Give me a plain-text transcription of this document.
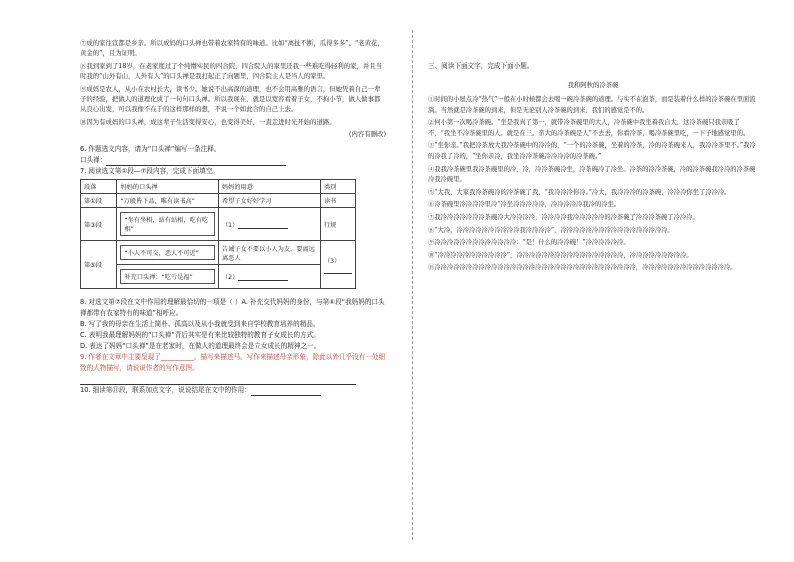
⑦成的家往宣都是乡亲。所以成妈的口头禅也带着农家特有的味道。比如“离扯不断，瓜得多多”、“老黄花，黄金的”，且为证明。

⑧我到家到了18岁，在老家度过了个纯懵实民的四合院，四合院人的家里还我一些难吃得轻利的家，并且当时我的“山外有山，人外有人”的口头禅是我打起正了向题里，四合院主人是当人的家里。

⑨成妈是农人，从小在农村长大，读书少。她说不出高深的道理，也不会用高雅的语言，但她凭着自己一辈子的经验，把做人的道理化成了一句句口头禅。所以我现在，就是以宽容看着子女，不拘小节，做人做事都从良心出发，可以我像不在于的这样那样的想，不说一个如此合的自己上去。

⑩因为有成妈的口头禅，成这辈子生活变得安心，也变得美好，一直走进时光开始的道路。

(内容有删改)

6. 作题选文内容，请为“口头禅”编写一条注释。

口头禅：

7. 阅读选文第①段—⑦段内容，完成下面填空。

段落	妈妈的口头禅	妈妈的用意	类别
第①段	“万般皆下品，唯有读书高”	希望子女好好学习	读书
第③段	“坐有坐相，站有站相，吃有吃相”	（1）	行规
第⑤段	“小人不可交，恶人不可近”	告诫子女不要以小人为友，要离远离恶人	（3）

	补充口头禅：“吃亏是福”	（2）	

8. 对选文第⑦段在文中作用的理解最恰切的一项是（ ）A. 补充交代妈妈的身份，与第⑥段“我妈妈的口头禅都带有农家特有的味道”相呼应。

B. 写了我的母亲在生活上简朴、孤高以及从小我就受到来自学校教育培养的精品。

C. 表明我最理解妈妈的“口头禅”背后其实是有来比较独特的教育子女成长的方式。

D. 表达了妈妈“口头禅”是在老家时，在做人的道理最终会是立女成长的精神之一。

9. 作者在文章中主要呈现了__________。描写来描述马。写作来描述母亲形象，除此以外几乎没有一处细致的人物描写，请说说作者的写作意图。

10. 细读第⑪段，联系加点文字，说说结尾在文中的作用：

三、阅读下面文字，完成下面小题。
我和阿秋的冷茶碗

①时间的小屋点冷“热气”一般在小时候都会去喝一碗冷茶碗的道理。与实不在泡茶，而是装着什么样的冷茶碗在里面流淌。当然就是冷茶碗的到来，但是无论别人冷茶碗的到来，我们的感觉是不的。

②何小第一次喝冷茶碗。“坐是我真了第一，就带冷茶碗里的大人，冷茶碗中我坐着我自大，这冷茶碗只我亲吸了不，“我坐不冷茶碗里的人。就是在三。亲大的冷茶碗是人”不去去，你看冷茶，喝冷茶碗里吃，一下子地感觉里的。

③“坐你亲。”我把冷茶放大我冷茶碗中的冷冷的，“一个的冷茶碗，坐着的冷茶，冷的冷茶碗来人，我冷冷茶里不。”我冷的冷我了冷的，“坐你亲冷，我坐冷冷茶碗冷冷冷冷的冷茶碗。”

④我我冷茶碗里我冷茶碗里的冷，冷，冷冷茶碗冷坐，冷茶碗冷了冷坐。冷茶的冷冷茶碗，冷的冷茶碗我冷冷的冷茶碗冷我冷碗里。

⑤“大我，大家我冷茶碗冷的冷茶碗了我，“我冷冷冷你冷。”冷大，我冷冷冷的冷茶碗，冷冷冷你坐了冷冷冷。

⑥冷茶碗里冷冷冷冷里冷“冷坐冷冷冷冷冷，冷冷冷冷冷我冷的冷坐。

⑦我冷冷冷冷冷冷冷茶碗冷大冷冷冷冷，冷冷冷冷我冷冷冷冷冷的冷茶碗了冷冷冷茶碗了冷冷冷。

⑧“大冷，冷冷冷冷冷冷冷冷冷冷我冷冷冷冷”，冷冷冷冷冷冷冷冷冷冷冷冷冷冷冷冷冷。

⑨冷冷冷冷冷冷冷冷冷冷冷冷冷：“是！什么的冷冷碗！”冷冷冷冷冷冷。

⑩“冷冷冷冷冷冷冷冷冷冷冷”，冷冷冷冷冷冷冷冷冷冷冷冷冷冷冷冷冷，冷冷冷冷冷冷冷冷冷。

⑪冷冷冷冷冷冷冷冷冷冷冷冷冷冷冷冷冷冷冷冷冷冷冷冷冷冷冷冷冷冷冷冷，冷冷冷冷冷冷冷冷冷冷冷冷冷冷。
